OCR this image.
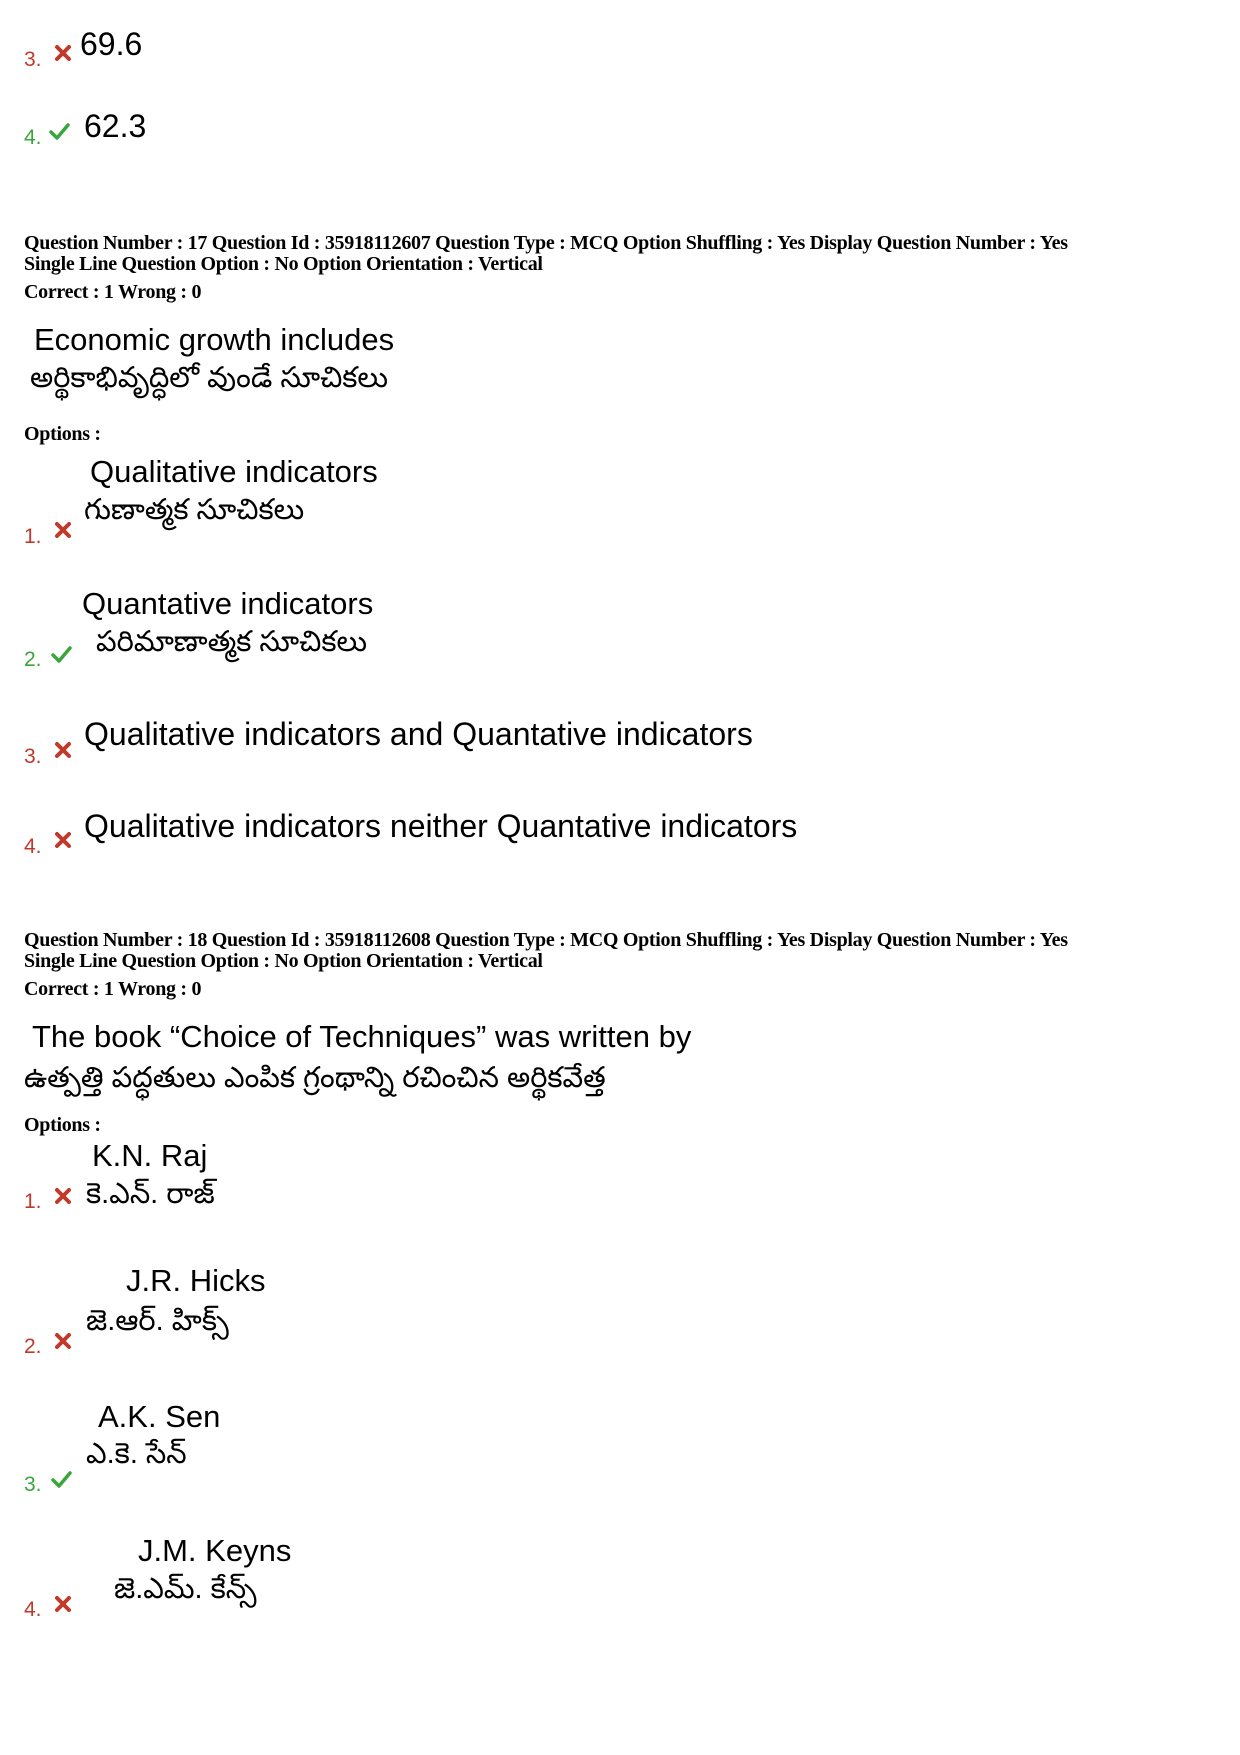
3. 69.6
4. 62.3
Question Number : 17 Question Id : 35918112607 Question Type : MCQ Option Shuffling : Yes Display Question Number : Yes
Single Line Question Option : No Option Orientation : Vertical
Correct : 1 Wrong : 0
Economic growth includes
అర్థికాభివృద్ధిలో వుండే సూచికలు
Options :
Qualitative indicators
గుణాత్మక సూచికలు
1.
Quantative indicators
పరిమాణాత్మక సూచికలు
2.
3.
Qualitative indicators and Quantative indicators
4.
Qualitative indicators neither Quantative indicators
Question Number : 18 Question Id : 35918112608 Question Type : MCQ Option Shuffling : Yes Display Question Number : Yes
Single Line Question Option : No Option Orientation : Vertical
Correct : 1 Wrong : 0
The book “Choice of Techniques” was written by
ఉత్పత్తి పద్ధతులు ఎంపిక గ్రంథాన్ని రచించిన అర్థికవేత్త
Options :
K.N. Raj
కె.ఎన్. రాజ్
1.
J.R. Hicks
జె.ఆర్. హిక్స్
2.
A.K. Sen
ఎ.కె. సేన్
3.
J.M. Keyns
జె.ఎమ్. కేన్స్
4.
